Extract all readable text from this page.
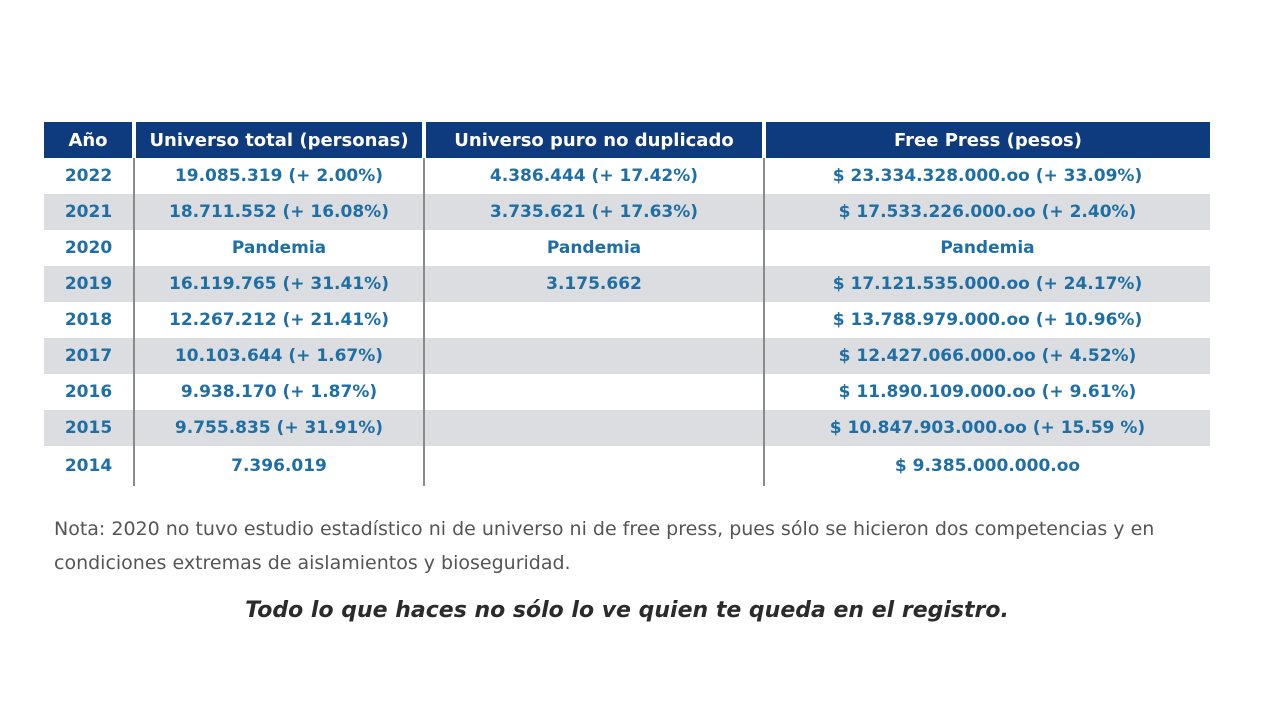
Año	Universo total (personas)	Universo puro no duplicado	Free Press (pesos)
2022	19.085.319 (+ 2.00%)	4.386.444 (+ 17.42%)	$ 23.334.328.000.oo (+ 33.09%)
2021	18.711.552 (+ 16.08%)	3.735.621 (+ 17.63%)	$ 17.533.226.000.oo (+ 2.40%)
2020	Pandemia	Pandemia	Pandemia
2019	16.119.765 (+ 31.41%)	3.175.662	$ 17.121.535.000.oo (+ 24.17%)
2018	12.267.212 (+ 21.41%)		$ 13.788.979.000.oo (+ 10.96%)
2017	10.103.644 (+ 1.67%)		$ 12.427.066.000.oo (+ 4.52%)
2016	9.938.170 (+ 1.87%)		$ 11.890.109.000.oo (+ 9.61%)
2015	9.755.835 (+ 31.91%)		$ 10.847.903.000.oo (+ 15.59 %)
2014	7.396.019		$ 9.385.000.000.oo

Nota: 2020 no tuvo estudio estadístico ni de universo ni de free press, pues sólo se hicieron dos competencias y en condiciones extremas de aislamientos y bioseguridad.

Todo lo que haces no sólo lo ve quien te queda en el registro.
